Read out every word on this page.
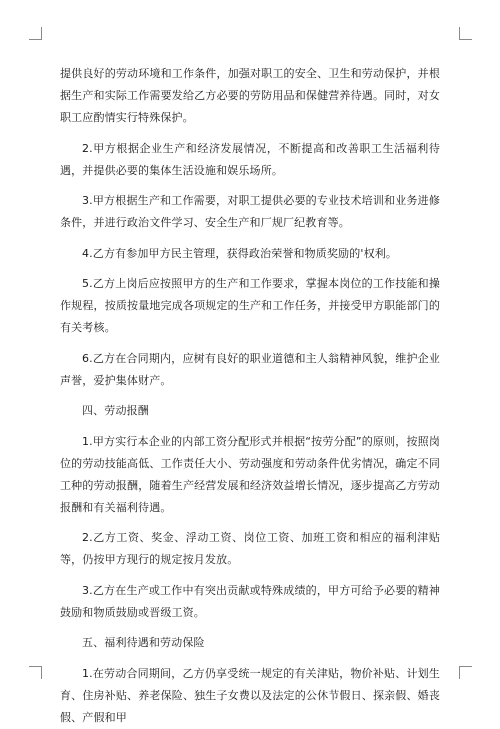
提供良好的劳动环境和工作条件，加强对职工的安全、卫生和劳动保护，并根据生产和实际工作需要发给乙方必要的劳防用品和保健营养待遇。同时，对女职工应酌情实行特殊保护。

2.甲方根据企业生产和经济发展情况，不断提高和改善职工生活福利待遇，并提供必要的集体生活设施和娱乐场所。

3.甲方根据生产和工作需要，对职工提供必要的专业技术培训和业务进修条件，并进行政治文件学习、安全生产和厂规厂纪教育等。

4.乙方有参加甲方民主管理，获得政治荣誉和物质奖励的'权利。

5.乙方上岗后应按照甲方的生产和工作要求，掌握本岗位的工作技能和操作规程，按质按量地完成各项规定的生产和工作任务，并接受甲方职能部门的有关考核。

6.乙方在合同期内，应树有良好的职业道德和主人翁精神风貌，维护企业声誉，爱护集体财产。

四、劳动报酬

1.甲方实行本企业的内部工资分配形式并根据“按劳分配”的原则，按照岗位的劳动技能高低、工作责任大小、劳动强度和劳动条件优劣情况，确定不同工种的劳动报酬，随着生产经营发展和经济效益增长情况，逐步提高乙方劳动报酬和有关福利待遇。

2.乙方工资、奖金、浮动工资、岗位工资、加班工资和相应的福利津贴等，仍按甲方现行的规定按月发放。

3.乙方在生产或工作中有突出贡献或特殊成绩的，甲方可给予必要的精神鼓励和物质鼓励或晋级工资。

五、福利待遇和劳动保险

1.在劳动合同期间，乙方仍享受统一规定的有关津贴，物价补贴、计划生育、住房补贴、养老保险、独生子女费以及法定的公休节假日、探亲假、婚丧假、产假和甲
